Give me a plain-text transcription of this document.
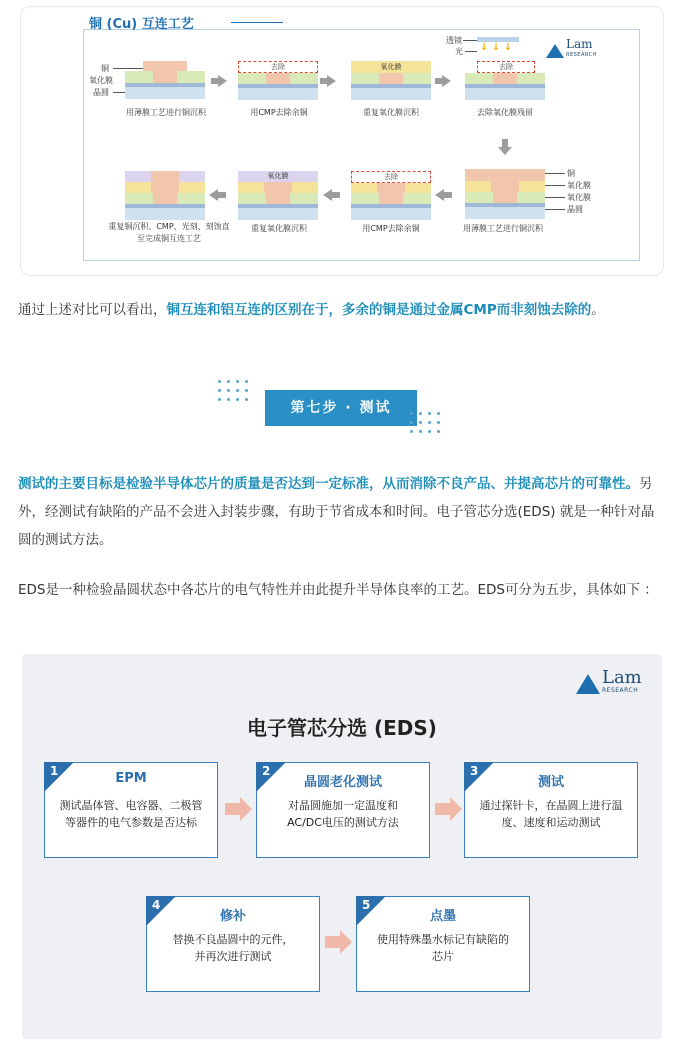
铜 (Cu) 互连工艺
Lam
RESEARCH
铜
氧化膜
晶圆
用薄膜工艺进行铜沉积
去除
用CMP去除余铜
氧化膜
重复氧化膜沉积
透镜
光 ↓ ↓ ↓
去除
去除氧化膜残留
铜
氧化膜
氧化膜
晶圆
用薄膜工艺进行铜沉积
去除
用CMP去除余铜
氧化膜
重复氧化膜沉积
重复铜沉积、CMP、光刻、刻蚀直至完成铜互连工艺

通过上述对比可以看出，铜互连和铝互连的区别在于，多余的铜是通过金属CMP而非刻蚀去除的。

第七步 · 测试

测试的主要目标是检验半导体芯片的质量是否达到一定标准，从而消除不良产品、并提高芯片的可靠性。另外，经测试有缺陷的产品不会进入封装步骤，有助于节省成本和时间。电子管芯分选(EDS) 就是一种针对晶圆的测试方法。

EDS是一种检验晶圆状态中各芯片的电气特性并由此提升半导体良率的工艺。EDS可分为五步，具体如下 ：

Lam
RESEARCH
电子管芯分选 (EDS)
1	EPM
测试晶体管、电容器、二极管等器件的电气参数是否达标
2
晶圆老化测试
对晶圆施加一定温度和AC/DC电压的测试方法
3
测试
通过探针卡，在晶圆上进行温度、速度和运动测试
4
修补
替换不良晶圆中的元件，并再次进行测试
5
点墨
使用特殊墨水标记有缺陷的芯片
